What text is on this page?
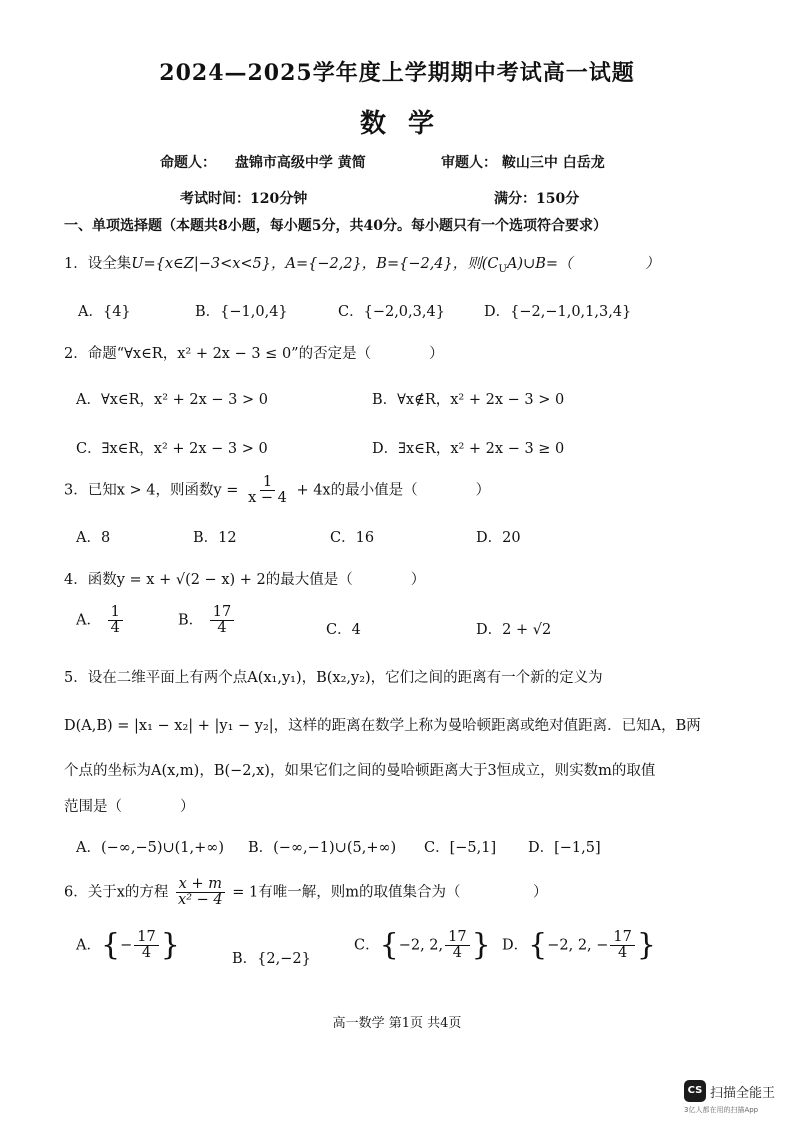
2024—2025学年度上学期期中考试高一试题
数学
命题人： 盘锦市高级中学 黄简	审题人： 鞍山三中 白岳龙
考试时间：120分钟	满分：150分
一、单项选择题（本题共8小题，每小题5分，共40分。每小题只有一个选项符合要求）
1．设全集U={x∈Z|−3<x<5}，A={−2,2}，B={−2,4}，则$(C_UA)\cup B=$（　　　　　）
A．{4}	B．{−1,0,4}	C．{−2,0,3,4}	D．{−2,−1,0,1,3,4}
2．命题“∀x∈R，x² + 2x − 3 ≤ 0”的否定是（　　　　）
A．∀x∈R，x² + 2x − 3 > 0	B．∀x∉R，x² + 2x − 3 > 0
C．∃x∈R，x² + 2x − 3 > 0	D．∃x∈R，x² + 2x − 3 ≥ 0
3．已知x > 4，则函数$y = \frac{1}{x - 4} + 4x$的最小值是（　　　　）
A．8	B．12	C．16	D．20
4．函数y = x + √(2 − x) + 2的最大值是（　　　　）
A． $\frac{1}{4}$	B． $\frac{17}{4}$	C．4	D．2 + √2
5．设在二维平面上有两个点A(x₁,y₁)，B(x₂,y₂)，它们之间的距离有一个新的定义为
D(A,B) = |x₁ − x₂| + |y₁ − y₂|，这样的距离在数学上称为曼哈顿距离或绝对值距离．已知A，B两
个点的坐标为A(x,m)，B(−2,x)，如果它们之间的曼哈顿距离大于3恒成立，则实数m的取值
范围是（　　　　）
A．(−∞,−5)∪(1,+∞) B．(−∞,−1)∪(5,+∞) C．[−5,1] D．[−1,5]
6．关于x的方程 $\frac{x + m}{\text{x² − 4}} = 1$有唯一解，则m的取值集合为（　　　　　）
A．{− $\frac{17}{4}$ }	B．{2,−2}
C．{−2, 2, $\frac{17}{4}$ } D．{−2, 2, − $\frac{17}{4}$ }
高一数学 第1页 共4页
CS 扫描全能王
3亿人都在用的扫描App
